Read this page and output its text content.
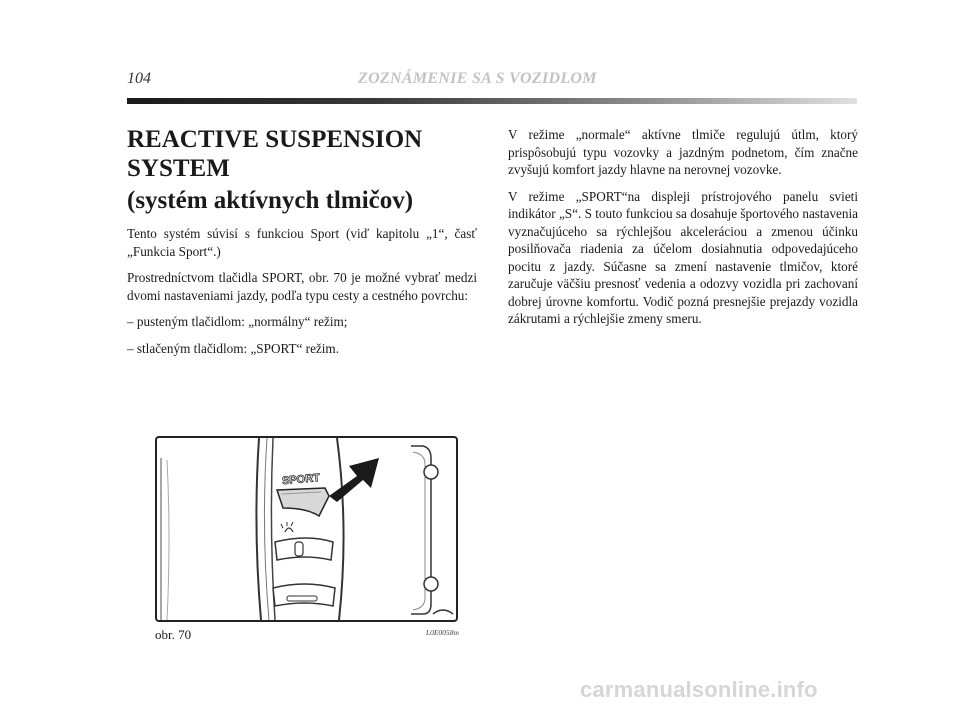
104	ZOZNÁMENIE SA S VOZIDLOM
REACTIVE SUSPENSION
SYSTEM
(systém aktívnych tlmičov)

Tento systém súvisí s funkciou Sport (viď kapitolu „1“, časť „Funkcia Sport“.)

Prostredníctvom tlačidla SPORT, obr. 70 je možné vybrať medzi dvomi nastaveniami jazdy, podľa typu cesty a cestného povrchu:

– pusteným tlačidlom: „normálny“ režim;

– stlačeným tlačidlom: „SPORT“ režim.

V režime „normale“ aktívne tlmiče regulujú útlm, ktorý prispôsobujú typu vozovky a jazdným podnetom, čím značne zvyšujú komfort jazdy hlavne na nerovnej vozovke.

V režime „SPORT“na displeji prístrojového panelu svieti indikátor „S“. S touto funkciou sa dosahuje športového nastavenia vyznačujúceho sa rýchlejšou akceleráciou a zmenou účinku posilňovača riadenia za účelom dosiahnutia odpovedajúceho pocitu z jazdy. Súčasne sa zmení nastavenie tlmičov, ktoré zaručuje väčšiu presnosť vedenia a odozvy vozidla pri zachovaní dobrej úrovne komfortu. Vodič pozná presnejšie prejazdy vozidla zákrutami a rýchlejšie zmeny smeru.

SPORT
obr. 70	L0E0058m
carmanualsonline.info
